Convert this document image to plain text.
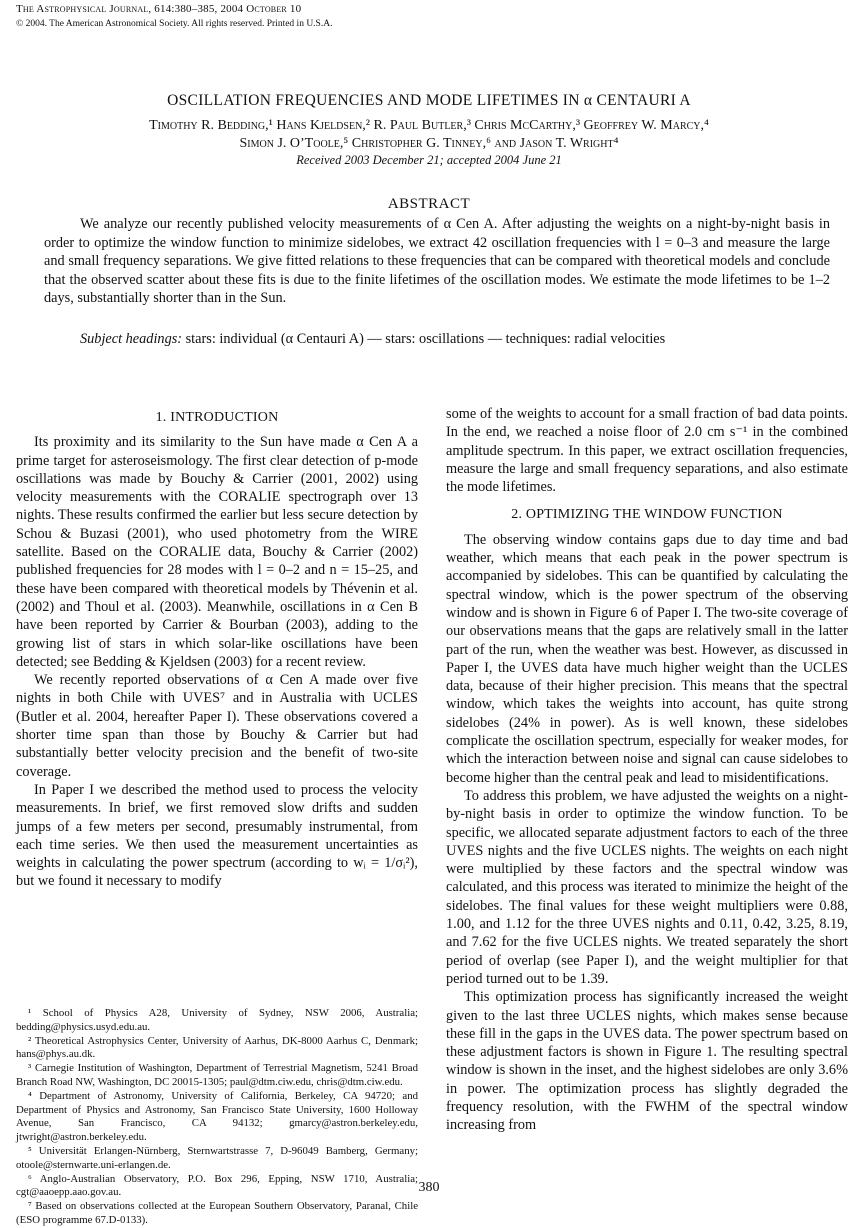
The Astrophysical Journal, 614:380–385, 2004 October 10
© 2004. The American Astronomical Society. All rights reserved. Printed in U.S.A.
OSCILLATION FREQUENCIES AND MODE LIFETIMES IN α CENTAURI A
Timothy R. Bedding,¹ Hans Kjeldsen,² R. Paul Butler,³ Chris McCarthy,³ Geoffrey W. Marcy,⁴
Simon J. O’Toole,⁵ Christopher G. Tinney,⁶ and Jason T. Wright⁴
Received 2003 December 21; accepted 2004 June 21
ABSTRACT
We analyze our recently published velocity measurements of α Cen A. After adjusting the weights on a night-by-night basis in order to optimize the window function to minimize sidelobes, we extract 42 oscillation frequencies with l = 0–3 and measure the large and small frequency separations. We give fitted relations to these frequencies that can be compared with theoretical models and conclude that the observed scatter about these fits is due to the finite lifetimes of the oscillation modes. We estimate the mode lifetimes to be 1–2 days, substantially shorter than in the Sun.
Subject headings: stars: individual (α Centauri A) — stars: oscillations — techniques: radial velocities
1. INTRODUCTION

Its proximity and its similarity to the Sun have made α Cen A a prime target for asteroseismology. The first clear detection of p-mode oscillations was made by Bouchy & Carrier (2001, 2002) using velocity measurements with the CORALIE spectrograph over 13 nights. These results confirmed the earlier but less secure detection by Schou & Buzasi (2001), who used photometry from the WIRE satellite. Based on the CORALIE data, Bouchy & Carrier (2002) published frequencies for 28 modes with l = 0–2 and n = 15–25, and these have been compared with theoretical models by Thévenin et al. (2002) and Thoul et al. (2003). Meanwhile, oscillations in α Cen B have been reported by Carrier & Bourban (2003), adding to the growing list of stars in which solar-like oscillations have been detected; see Bedding & Kjeldsen (2003) for a recent review.

We recently reported observations of α Cen A made over five nights in both Chile with UVES⁷ and in Australia with UCLES (Butler et al. 2004, hereafter Paper I). These observations covered a shorter time span than those by Bouchy & Carrier but had substantially better velocity precision and the benefit of two-site coverage.

In Paper I we described the method used to process the velocity measurements. In brief, we first removed slow drifts and sudden jumps of a few meters per second, presumably instrumental, from each time series. We then used the measurement uncertainties as weights in calculating the power spectrum (according to wᵢ = 1/σᵢ²), but we found it necessary to modify

some of the weights to account for a small fraction of bad data points. In the end, we reached a noise floor of 2.0 cm s⁻¹ in the combined amplitude spectrum. In this paper, we extract oscillation frequencies, measure the large and small frequency separations, and also estimate the mode lifetimes.

2. OPTIMIZING THE WINDOW FUNCTION

The observing window contains gaps due to day time and bad weather, which means that each peak in the power spectrum is accompanied by sidelobes. This can be quantified by calculating the spectral window, which is the power spectrum of the observing window and is shown in Figure 6 of Paper I. The two-site coverage of our observations means that the gaps are relatively small in the latter part of the run, when the weather was best. However, as discussed in Paper I, the UVES data have much higher weight than the UCLES data, because of their higher precision. This means that the spectral window, which takes the weights into account, has quite strong sidelobes (24% in power). As is well known, these sidelobes complicate the oscillation spectrum, especially for weaker modes, for which the interaction between noise and signal can cause sidelobes to become higher than the central peak and lead to misidentifications.

To address this problem, we have adjusted the weights on a night-by-night basis in order to optimize the window function. To be specific, we allocated separate adjustment factors to each of the three UVES nights and the five UCLES nights. The weights on each night were multiplied by these factors and the spectral window was calculated, and this process was iterated to minimize the height of the sidelobes. The final values for these weight multipliers were 0.88, 1.00, and 1.12 for the three UVES nights and 0.11, 0.42, 3.25, 8.19, and 7.62 for the five UCLES nights. We treated separately the short period of overlap (see Paper I), and the weight multiplier for that period turned out to be 1.39.

This optimization process has significantly increased the weight given to the last three UCLES nights, which makes sense because these fill in the gaps in the UVES data. The power spectrum based on these adjustment factors is shown in Figure 1. The resulting spectral window is shown in the inset, and the highest sidelobes are only 3.6% in power. The optimization process has slightly degraded the frequency resolution, with the FWHM of the spectral window increasing from

¹ School of Physics A28, University of Sydney, NSW 2006, Australia; bedding@physics.usyd.edu.au.
² Theoretical Astrophysics Center, University of Aarhus, DK-8000 Aarhus C, Denmark; hans@phys.au.dk.
³ Carnegie Institution of Washington, Department of Terrestrial Magnetism, 5241 Broad Branch Road NW, Washington, DC 20015-1305; paul@dtm.ciw.edu, chris@dtm.ciw.edu.
⁴ Department of Astronomy, University of California, Berkeley, CA 94720; and Department of Physics and Astronomy, San Francisco State University, 1600 Holloway Avenue, San Francisco, CA 94132; gmarcy@astron.berkeley.edu, jtwright@astron.berkeley.edu.
⁵ Universität Erlangen-Nürnberg, Sternwartstrasse 7, D-96049 Bamberg, Germany; otoole@sternwarte.uni-erlangen.de.
⁶ Anglo-Australian Observatory, P.O. Box 296, Epping, NSW 1710, Australia; cgt@aaoepp.aao.gov.au.
⁷ Based on observations collected at the European Southern Observatory, Paranal, Chile (ESO programme 67.D-0133).
380
